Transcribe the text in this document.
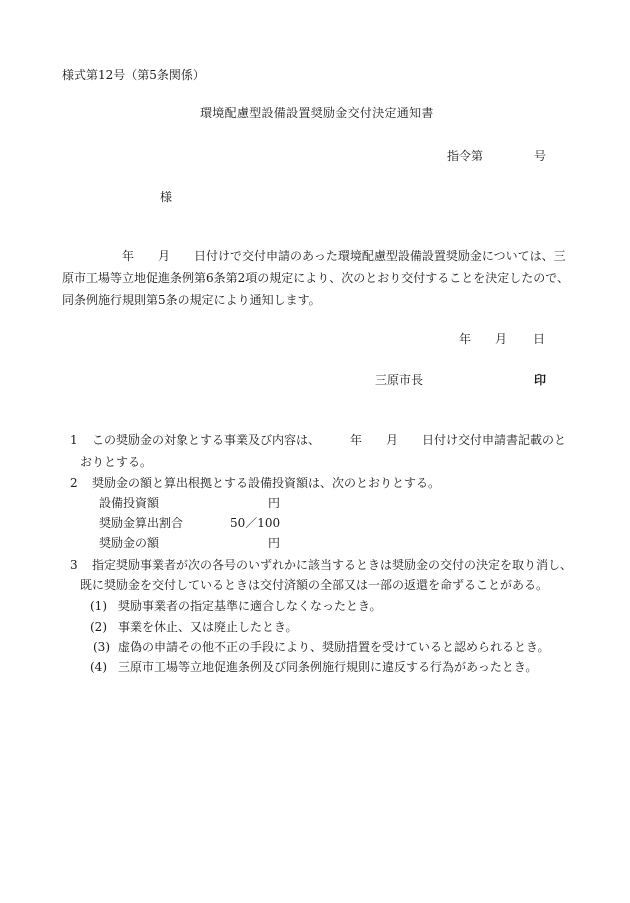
様式第12号（第5条関係）
環境配慮型設備設置奨励金交付決定通知書
指令第	号
様
　　　　　年　　月　　日付けで交付申請のあった環境配慮型設備設置奨励金については、三
原市工場等立地促進条例第6条第2項の規定により、次のとおり交付することを決定したので、
同条例施行規則第5条の規定により通知します。
年 月 日
三原市長	印
1 この奨励金の対象とする事業及び内容は、　　　年　　月　　日付け交付申請書記載のと
おりとする。
2 奨励金の額と算出根拠とする設備投資額は、次のとおりとする。
設備投資額	円
奨励金算出割合	50／100
奨励金の額	円
3 指定奨励事業者が次の各号のいずれかに該当するときは奨励金の交付の決定を取り消し、
既に奨励金を交付しているときは交付済額の全部又は一部の返還を命ずることがある。
(1) 奨励事業者の指定基準に適合しなくなったとき。
(2) 事業を休止、又は廃止したとき。
(3) 虚偽の申請その他不正の手段により、奨励措置を受けていると認められるとき。
(4) 三原市工場等立地促進条例及び同条例施行規則に違反する行為があったとき。
